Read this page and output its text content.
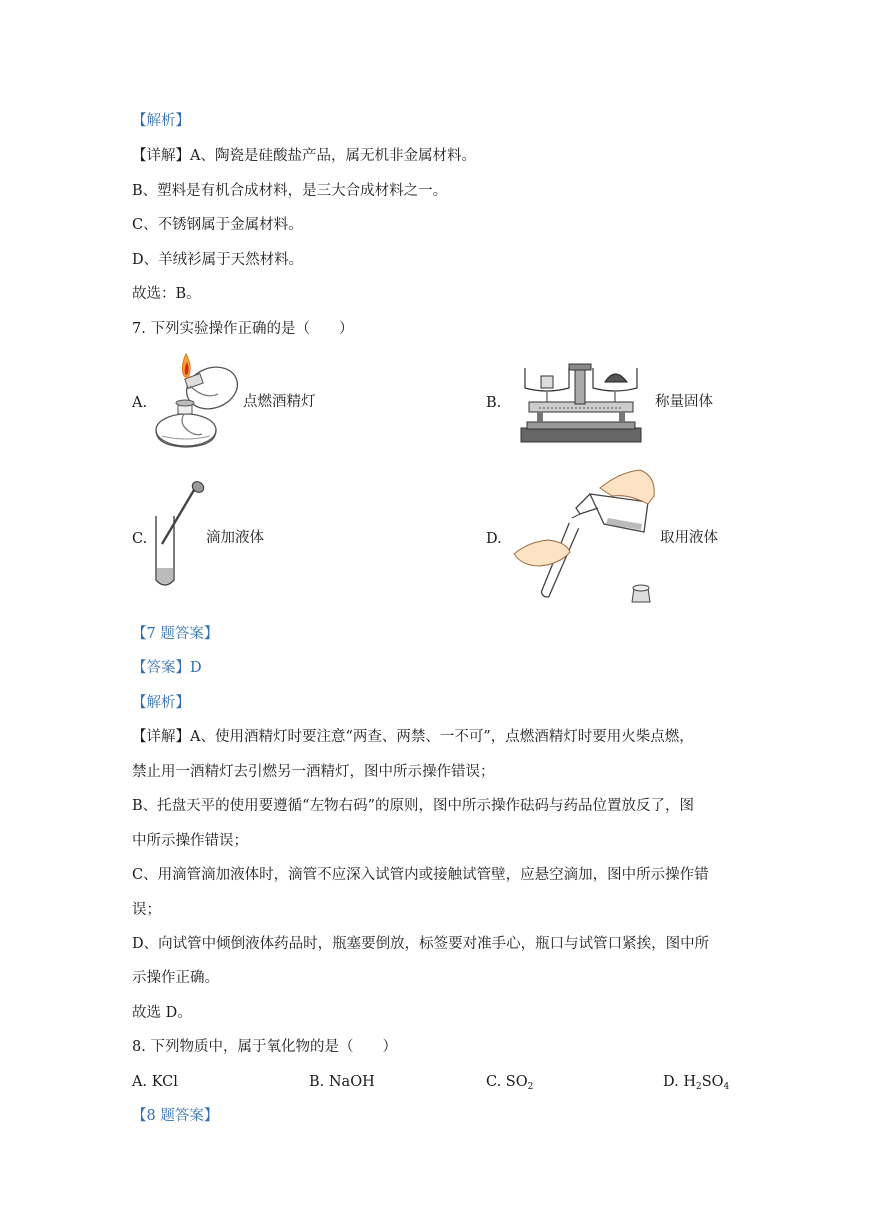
【解析】
【详解】A、陶瓷是硅酸盐产品，属无机非金属材料。
B、塑料是有机合成材料，是三大合成材料之一。
C、不锈钢属于金属材料。
D、羊绒衫属于天然材料。
故选：B。
7. 下列实验操作正确的是（　　）
A.	点燃酒精灯	B.	称量固体
C.	滴加液体	D.	取用液体
【7 题答案】
【答案】D
【解析】
【详解】A、使用酒精灯时要注意“两查、两禁、一不可”，点燃酒精灯时要用火柴点燃，
禁止用一酒精灯去引燃另一酒精灯，图中所示操作错误；
B、托盘天平的使用要遵循“左物右码”的原则，图中所示操作砝码与药品位置放反了，图
中所示操作错误；
C、用滴管滴加液体时，滴管不应深入试管内或接触试管壁，应悬空滴加，图中所示操作错
误；
D、向试管中倾倒液体药品时，瓶塞要倒放，标签要对准手心，瓶口与试管口紧挨，图中所
示操作正确。
故选 D。
8. 下列物质中，属于氧化物的是（　　）
A. KCl	B. NaOH	C. $SO_2$	D. $H_2SO_4$
【8 题答案】
